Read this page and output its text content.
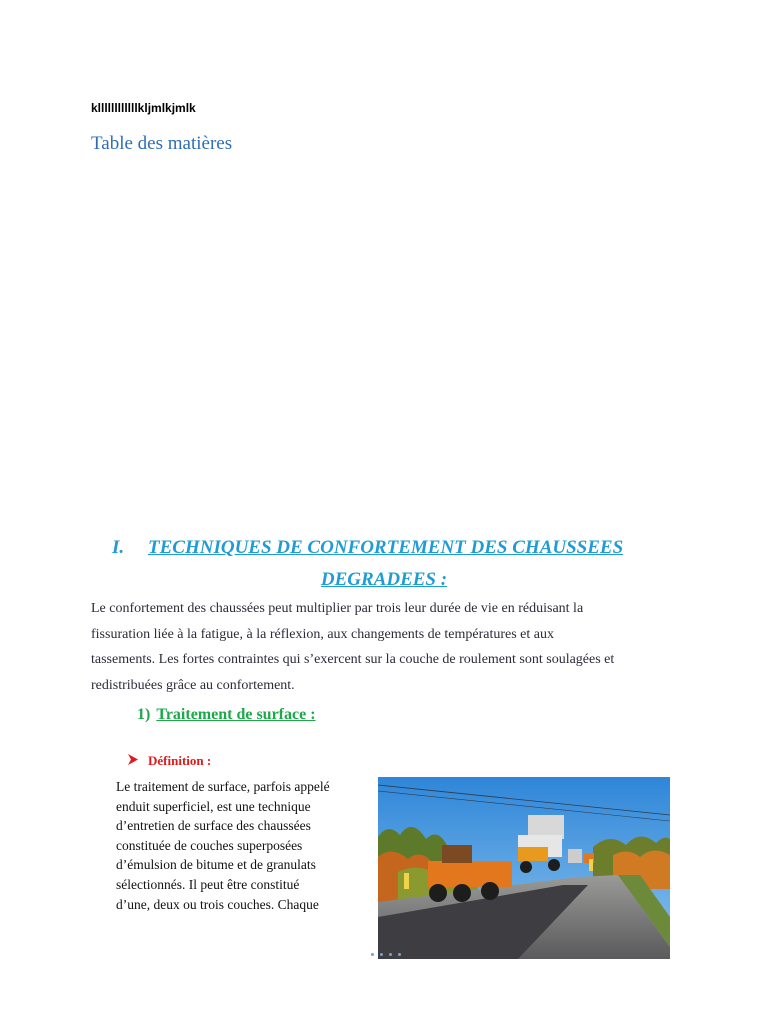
kllllllllllllkljmlkjmlk
Table des matières
I. TECHNIQUES DE CONFORTEMENT DES CHAUSSEES
DEGRADEES :
Le confortement des chaussées peut multiplier par trois leur durée de vie en réduisant la
fissuration liée à la fatigue, à la réflexion, aux changements de températures et aux
tassements. Les fortes contraintes qui s’exercent sur la couche de roulement sont soulagées et
redistribuées grâce au confortement.
1) Traitement de surface :
Définition :
Le traitement de surface, parfois appelé
enduit superficiel, est une technique
d’entretien de surface des chaussées
constituée de couches superposées
d’émulsion de bitume et de granulats
sélectionnés. Il peut être constitué
d’une, deux ou trois couches. Chaque
